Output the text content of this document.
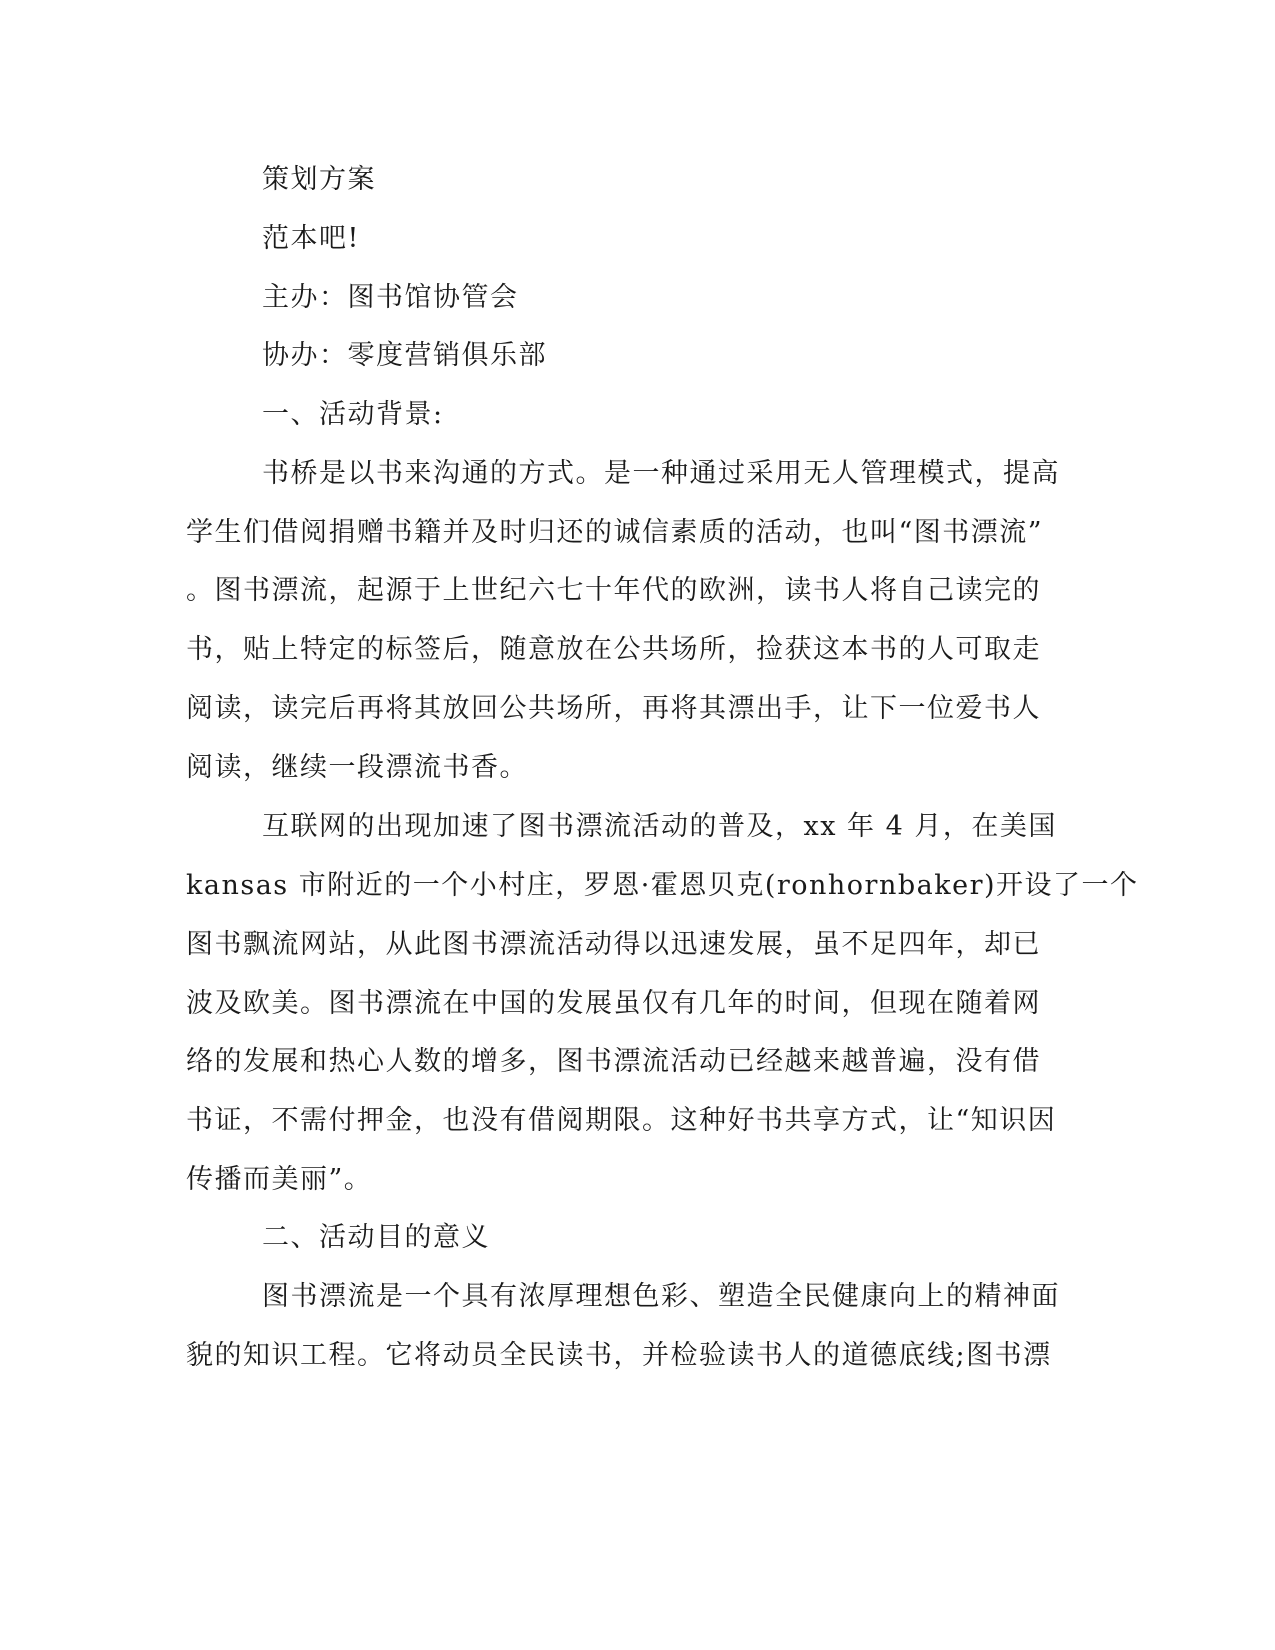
策划方案
范本吧!
主办：图书馆协管会
协办：零度营销俱乐部
一、活动背景:
书桥是以书来沟通的方式。是一种通过采用无人管理模式，提高
学生们借阅捐赠书籍并及时归还的诚信素质的活动，也叫“图书漂流”
。图书漂流，起源于上世纪六七十年代的欧洲，读书人将自己读完的
书，贴上特定的标签后，随意放在公共场所，捡获这本书的人可取走
阅读，读完后再将其放回公共场所，再将其漂出手，让下一位爱书人
阅读，继续一段漂流书香。
互联网的出现加速了图书漂流活动的普及，xx 年 4 月，在美国
kansas 市附近的一个小村庄，罗恩·霍恩贝克(ronhornbaker)开设了一个
图书飘流网站，从此图书漂流活动得以迅速发展，虽不足四年，却已
波及欧美。图书漂流在中国的发展虽仅有几年的时间，但现在随着网
络的发展和热心人数的增多，图书漂流活动已经越来越普遍，没有借
书证，不需付押金，也没有借阅期限。这种好书共享方式，让“知识因
传播而美丽”。
二、活动目的意义
图书漂流是一个具有浓厚理想色彩、塑造全民健康向上的精神面
貌的知识工程。它将动员全民读书，并检验读书人的道德底线;图书漂
